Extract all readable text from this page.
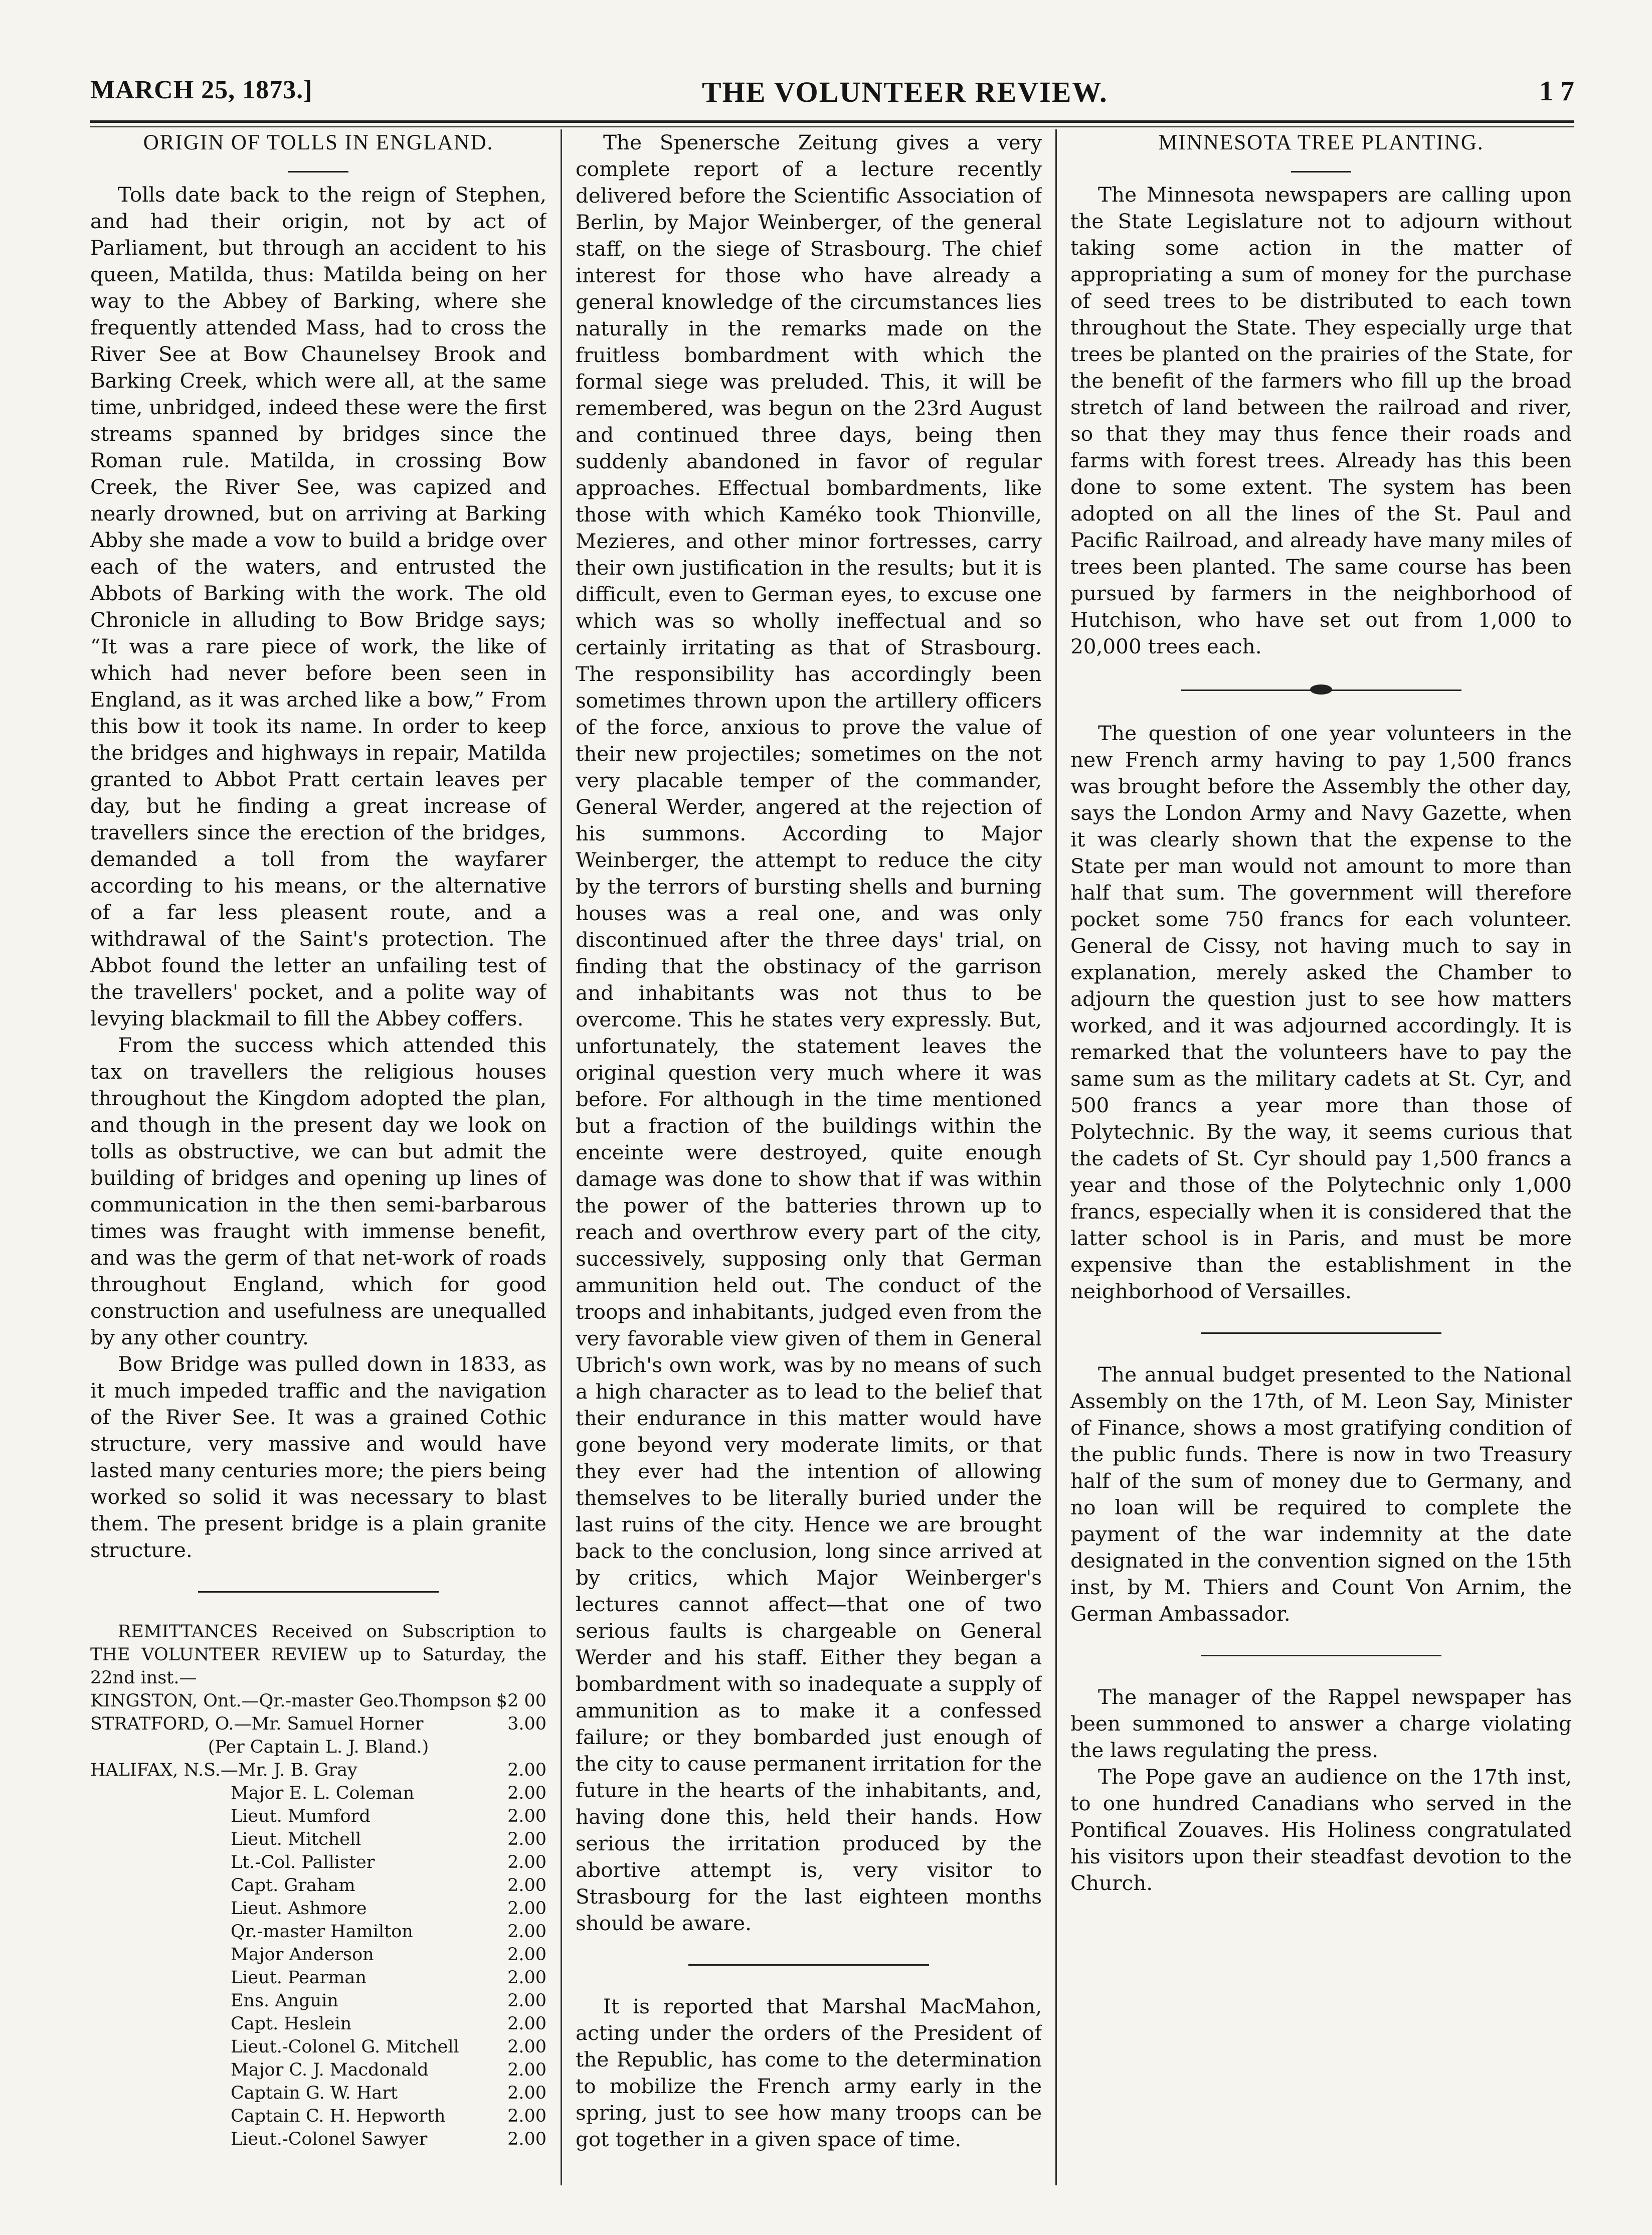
MARCH 25, 1873.]	THE VOLUNTEER REVIEW.	1 7
ORIGIN OF TOLLS IN ENGLAND.

Tolls date back to the reign of Stephen, and had their origin, not by act of Parliament, but through an accident to his queen, Matilda, thus: Matilda being on her way to the Abbey of Barking, where she frequently attended Mass, had to cross the River See at Bow Chaunelsey Brook and Barking Creek, which were all, at the same time, unbridged, indeed these were the first streams spanned by bridges since the Roman rule. Matilda, in crossing Bow Creek, the River See, was capized and nearly drowned, but on arriving at Barking Abby she made a vow to build a bridge over each of the waters, and entrusted the Abbots of Barking with the work. The old Chronicle in alluding to Bow Bridge says; “It was a rare piece of work, the like of which had never before been seen in England, as it was arched like a bow,” From this bow it took its name. In order to keep the bridges and highways in repair, Matilda granted to Abbot Pratt certain leaves per day, but he finding a great increase of travellers since the erection of the bridges, demanded a toll from the wayfarer according to his means, or the alternative of a far less pleasent route, and a withdrawal of the Saint's protection. The Abbot found the letter an unfailing test of the travellers' pocket, and a polite way of levying blackmail to fill the Abbey coffers.

From the success which attended this tax on travellers the religious houses throughout the Kingdom adopted the plan, and though in the present day we look on tolls as obstructive, we can but admit the building of bridges and opening up lines of communication in the then semi-barbarous times was fraught with immense benefit, and was the germ of that net-work of roads throughout England, which for good construction and usefulness are unequalled by any other country.

Bow Bridge was pulled down in 1833, as it much impeded traffic and the navigation of the River See. It was a grained Cothic structure, very massive and would have lasted many centuries more; the piers being worked so solid it was necessary to blast them. The present bridge is a plain granite structure.

REMITTANCES Received on Subscription to THE VOLUNTEER REVIEW up to Saturday, the 22nd inst.—

KINGSTON, Ont.—Qr.-master Geo.Thompson $2 00
STRATFORD, O.—Mr. Samuel Horner	3.00
(Per Captain L. J. Bland.)
HALIFAX, N.S.—Mr. J. B. Gray	2.00
Major E. L. Coleman	2.00
Lieut. Mumford	2.00
Lieut. Mitchell	2.00
Lt.-Col. Pallister	2.00
Capt. Graham	2.00
Lieut. Ashmore	2.00
Qr.-master Hamilton	2.00
Major Anderson	2.00
Lieut. Pearman	2.00
Ens. Anguin	2.00
Capt. Heslein	2.00
Lieut.-Colonel G. Mitchell	2.00
Major C. J. Macdonald	2.00
Captain G. W. Hart	2.00
Captain C. H. Hepworth	2.00
Lieut.-Colonel Sawyer	2.00

The Spenersche Zeitung gives a very complete report of a lecture recently delivered before the Scientific Association of Berlin, by Major Weinberger, of the general staff, on the siege of Strasbourg. The chief interest for those who have already a general knowledge of the circumstances lies naturally in the remarks made on the fruitless bombardment with which the formal siege was preluded. This, it will be remembered, was begun on the 23rd August and continued three days, being then suddenly abandoned in favor of regular approaches. Effectual bombardments, like those with which Kaméko took Thionville, Mezieres, and other minor fortresses, carry their own justification in the results; but it is difficult, even to German eyes, to excuse one which was so wholly ineffectual and so certainly irritating as that of Strasbourg. The responsibility has accordingly been sometimes thrown upon the artillery officers of the force, anxious to prove the value of their new projectiles; sometimes on the not very placable temper of the commander, General Werder, angered at the rejection of his summons. According to Major Weinberger, the attempt to reduce the city by the terrors of bursting shells and burning houses was a real one, and was only discontinued after the three days' trial, on finding that the obstinacy of the garrison and inhabitants was not thus to be overcome. This he states very expressly. But, unfortunately, the statement leaves the original question very much where it was before. For although in the time mentioned but a fraction of the buildings within the enceinte were destroyed, quite enough damage was done to show that if was within the power of the batteries thrown up to reach and overthrow every part of the city, successively, supposing only that German ammunition held out. The conduct of the troops and inhabitants, judged even from the very favorable view given of them in General Ubrich's own work, was by no means of such a high character as to lead to the belief that their endurance in this matter would have gone beyond very moderate limits, or that they ever had the intention of allowing themselves to be literally buried under the last ruins of the city. Hence we are brought back to the conclusion, long since arrived at by critics, which Major Weinberger's lectures cannot affect—that one of two serious faults is chargeable on General Werder and his staff. Either they began a bombardment with so inadequate a supply of ammunition as to make it a confessed failure; or they bombarded just enough of the city to cause permanent irritation for the future in the hearts of the inhabitants, and, having done this, held their hands. How serious the irritation produced by the abortive attempt is, very visitor to Strasbourg for the last eighteen months should be aware.

It is reported that Marshal MacMahon, acting under the orders of the President of the Republic, has come to the determination to mobilize the French army early in the spring, just to see how many troops can be got together in a given space of time.

MINNESOTA TREE PLANTING.

The Minnesota newspapers are calling upon the State Legislature not to adjourn without taking some action in the matter of appropriating a sum of money for the purchase of seed trees to be distributed to each town throughout the State. They especially urge that trees be planted on the prairies of the State, for the benefit of the farmers who fill up the broad stretch of land between the railroad and river, so that they may thus fence their roads and farms with forest trees. Already has this been done to some extent. The system has been adopted on all the lines of the St. Paul and Pacific Railroad, and already have many miles of trees been planted. The same course has been pursued by farmers in the neighborhood of Hutchison, who have set out from 1,000 to 20,000 trees each.

The question of one year volunteers in the new French army having to pay 1,500 francs was brought before the Assembly the other day, says the London Army and Navy Gazette, when it was clearly shown that the expense to the State per man would not amount to more than half that sum. The government will therefore pocket some 750 francs for each volunteer. General de Cissy, not having much to say in explanation, merely asked the Chamber to adjourn the question just to see how matters worked, and it was adjourned accordingly. It is remarked that the volunteers have to pay the same sum as the military cadets at St. Cyr, and 500 francs a year more than those of Polytechnic. By the way, it seems curious that the cadets of St. Cyr should pay 1,500 francs a year and those of the Polytechnic only 1,000 francs, especially when it is considered that the latter school is in Paris, and must be more expensive than the establishment in the neighborhood of Versailles.

The annual budget presented to the National Assembly on the 17th, of M. Leon Say, Minister of Finance, shows a most gratifying condition of the public funds. There is now in two Treasury half of the sum of money due to Germany, and no loan will be required to complete the payment of the war indemnity at the date designated in the convention signed on the 15th inst, by M. Thiers and Count Von Arnim, the German Ambassador.

The manager of the Rappel newspaper has been summoned to answer a charge violating the laws regulating the press.

The Pope gave an audience on the 17th inst, to one hundred Canadians who served in the Pontifical Zouaves. His Holiness congratulated his visitors upon their steadfast devotion to the Church.
